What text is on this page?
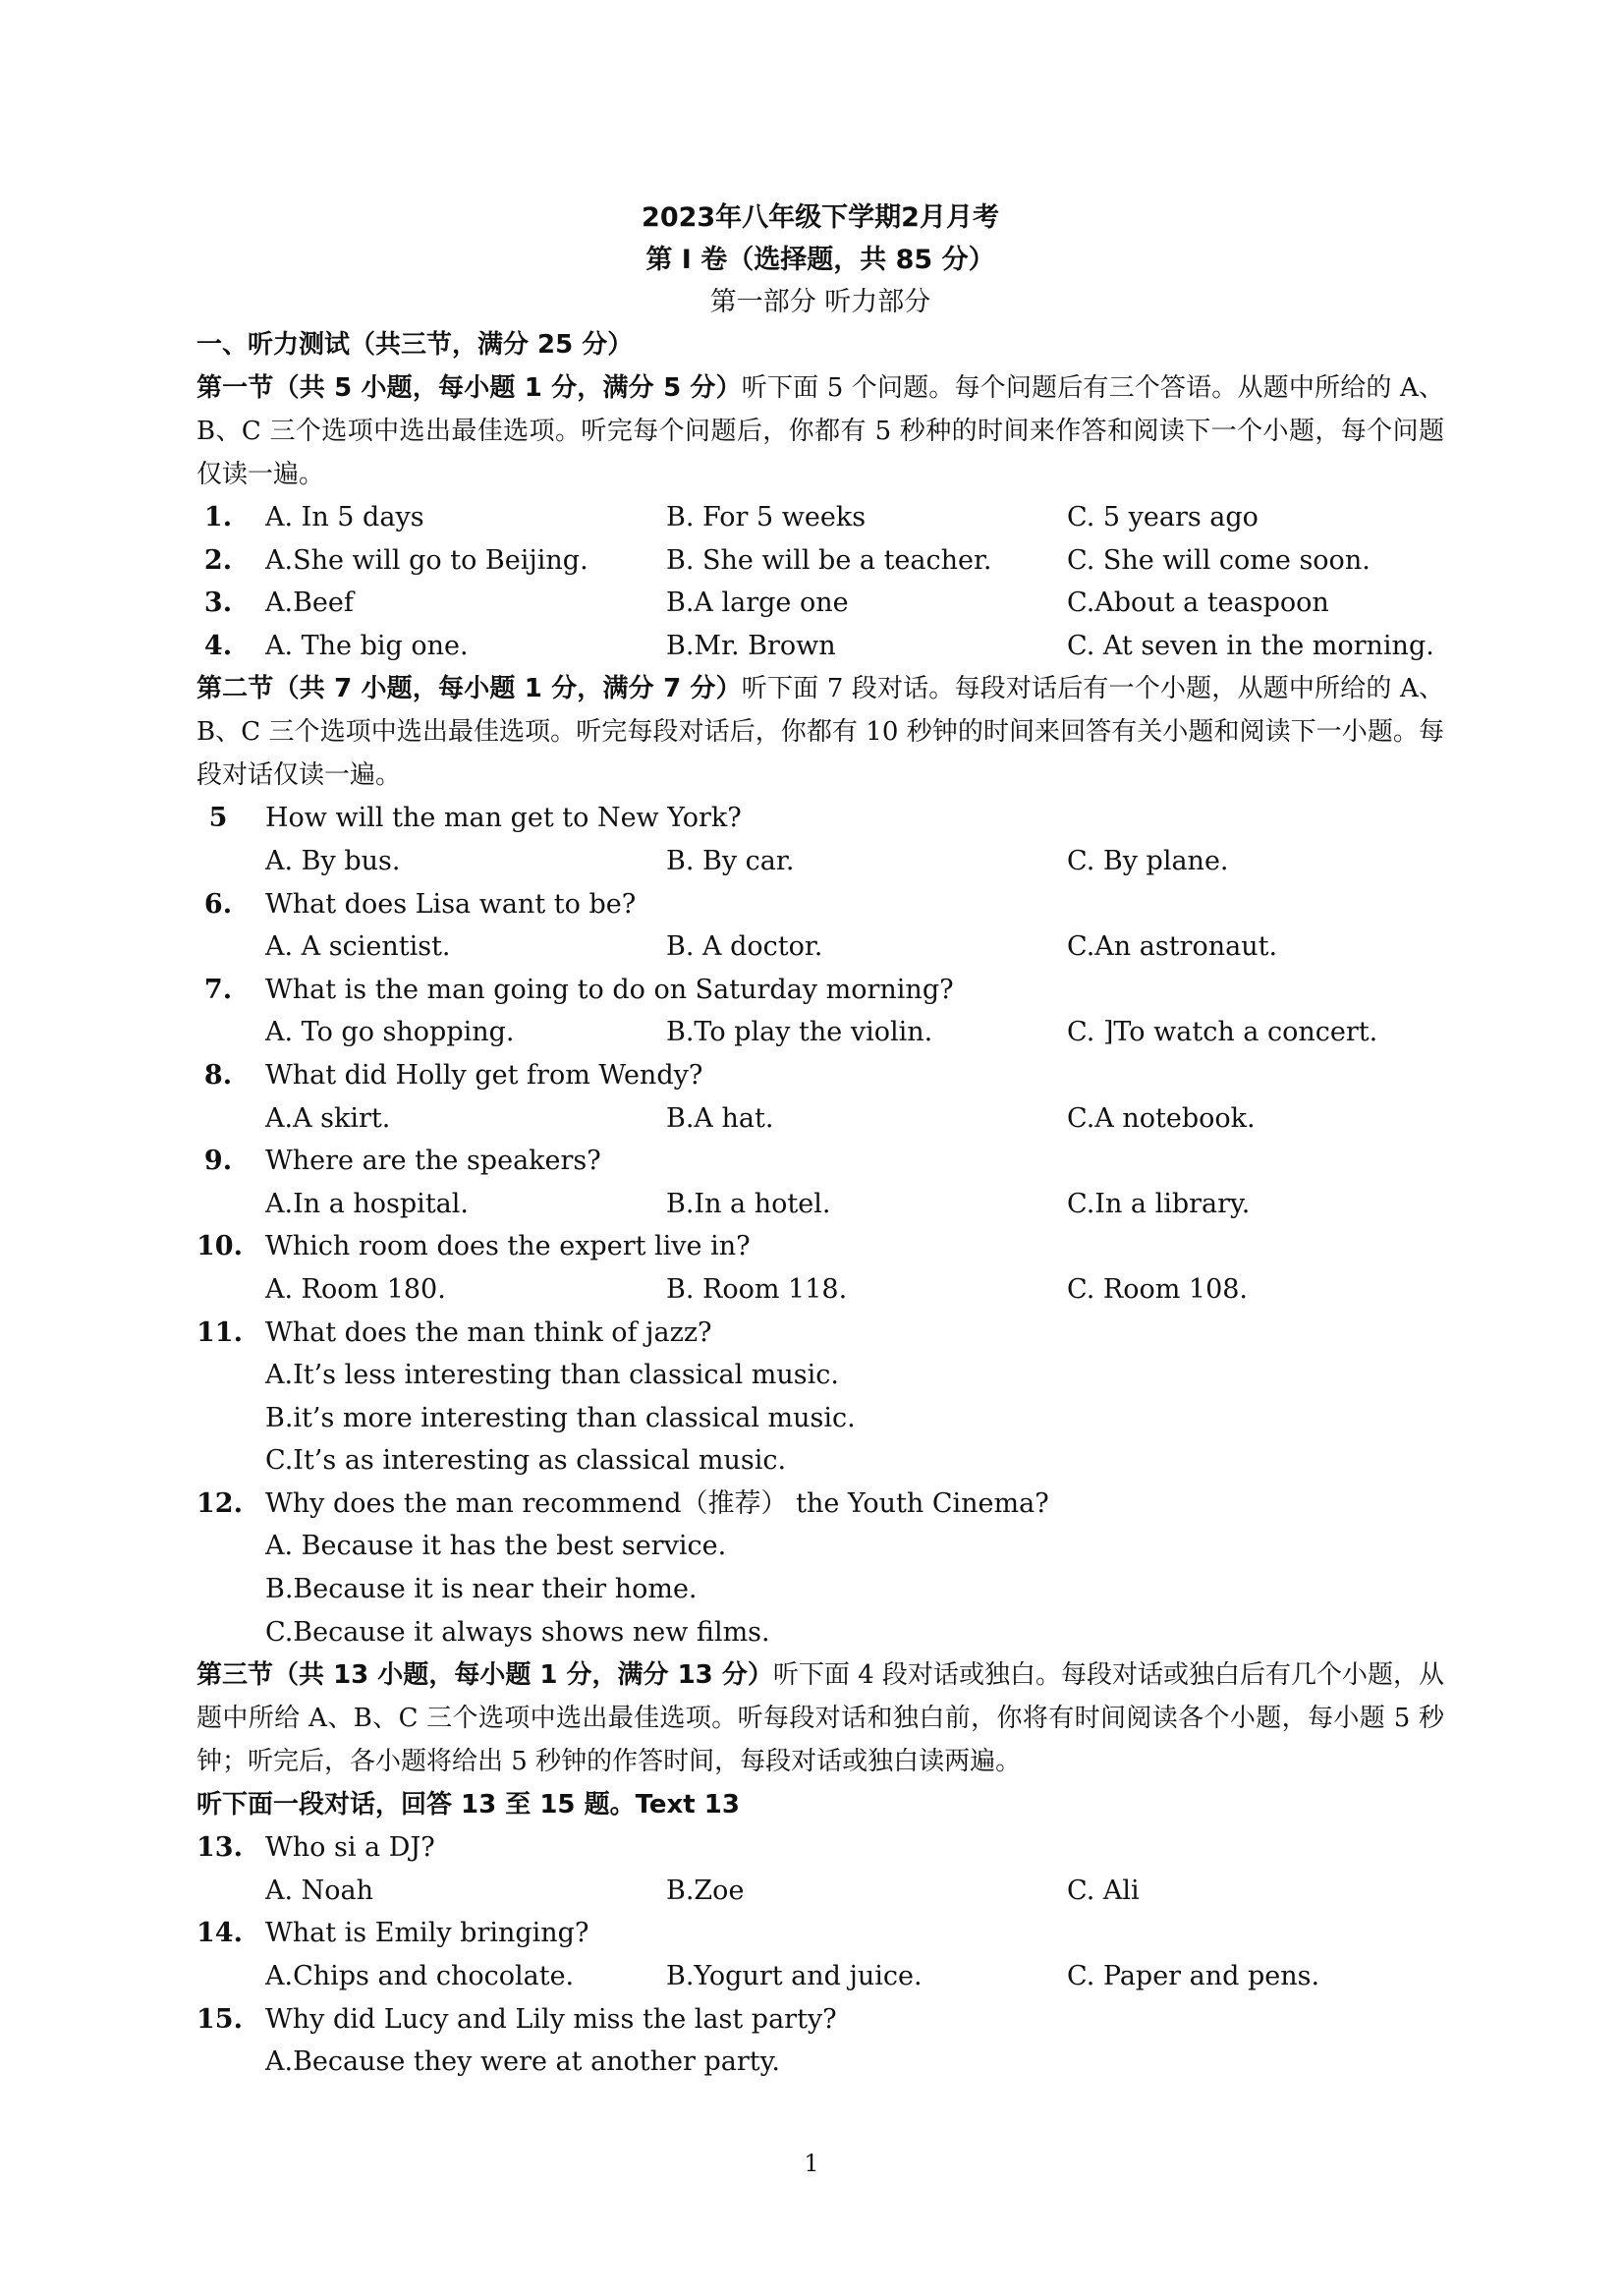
2023年八年级下学期2月月考
第 I 卷（选择题，共 85 分）
第一部分 听力部分
一、听力测试（共三节，满分 25 分）
第一节（共 5 小题，每小题 1 分，满分 5 分）听下面 5 个问题。每个问题后有三个答语。从题中所给的 A、B、C 三个选项中选出最佳选项。听完每个问题后，你都有 5 秒种的时间来作答和阅读下一个小题，每个问题仅读一遍。
1. A. In 5 days	B. For 5 weeks	C. 5 years ago
2. A.She will go to Beijing.	B. She will be a teacher.	C. She will come soon.
3. A.Beef	B.A large one	C.About a teaspoon
4. A. The big one.	B.Mr. Brown	C. At seven in the morning.
第二节（共 7 小题，每小题 1 分，满分 7 分）听下面 7 段对话。每段对话后有一个小题，从题中所给的 A、B、C 三个选项中选出最佳选项。听完每段对话后，你都有 10 秒钟的时间来回答有关小题和阅读下一小题。每段对话仅读一遍。
5	How will the man get to New York?
A. By bus.	B. By car.	C. By plane.
6. What does Lisa want to be?
A. A scientist.	B. A doctor.	C.An astronaut.
7. What is the man going to do on Saturday morning?
A. To go shopping.	B.To play the violin.	C. ]To watch a concert.
8. What did Holly get from Wendy?
A.A skirt.	B.A hat.	C.A notebook.
9. Where are the speakers?
A.In a hospital.	B.In a hotel.	C.In a library.
10. Which room does the expert live in?
A. Room 180.	B. Room 118.	C. Room 108.
11. What does the man think of jazz?
A.It’s less interesting than classical music.
B.it’s more interesting than classical music.
C.It’s as interesting as classical music.
12. Why does the man recommend（推荐） the Youth Cinema?
A. Because it has the best service.
B.Because it is near their home.
C.Because it always shows new films.
第三节（共 13 小题，每小题 1 分，满分 13 分）听下面 4 段对话或独白。每段对话或独白后有几个小题，从题中所给 A、B、C 三个选项中选出最佳选项。听每段对话和独白前，你将有时间阅读各个小题，每小题 5 秒钟；听完后，各小题将给出 5 秒钟的作答时间，每段对话或独白读两遍。
听下面一段对话，回答 13 至 15 题。Text 13
13. Who si a DJ?
A. Noah	B.Zoe	C. Ali
14. What is Emily bringing?
A.Chips and chocolate.	B.Yogurt and juice.	C. Paper and pens.
15. Why did Lucy and Lily miss the last party?
A.Because they were at another party.
1
